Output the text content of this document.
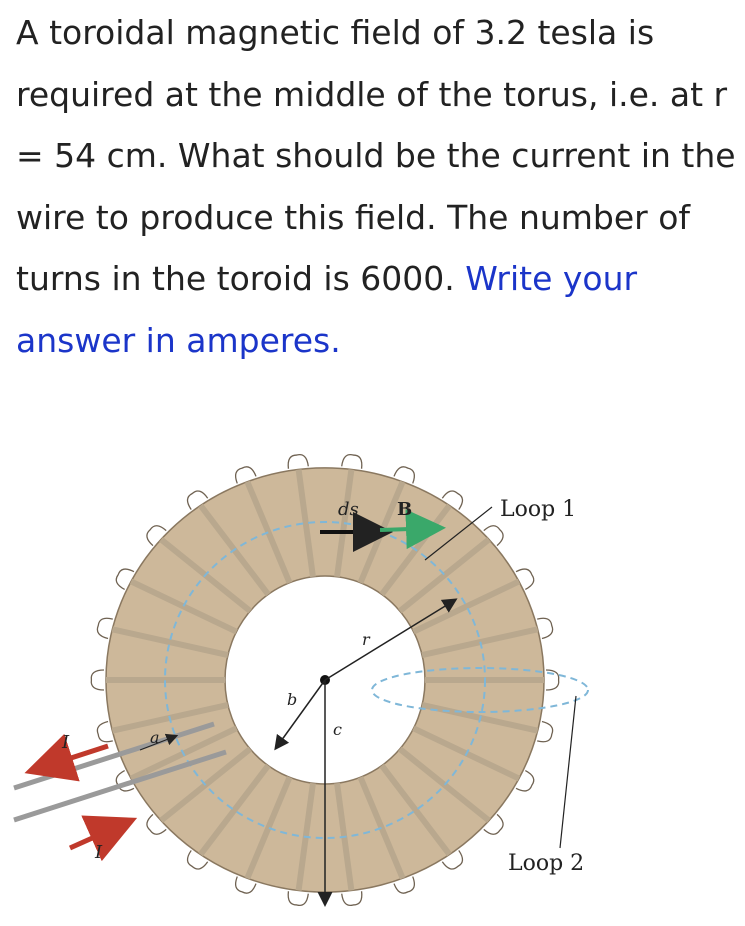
A toroidal magnetic field of 3.2 tesla is required at the middle of the torus, i.e. at r = 54 cm. What should be the current in the wire to produce this field. The number of turns in the toroid is 6000. Write your answer in amperes.
ds B	Loop 1
Loop 2
r
b
c
a
I
I
